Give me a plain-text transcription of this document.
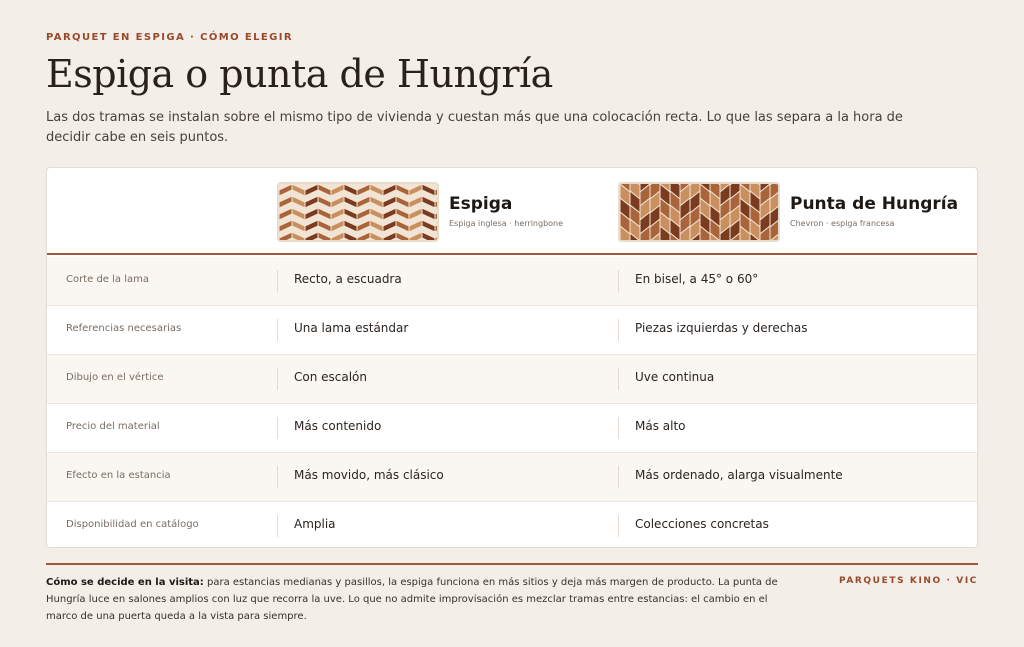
PARQUET EN ESPIGA · CÓMO ELEGIR
Espiga o punta de Hungría

Las dos tramas se instalan sobre el mismo tipo de vivienda y cuestan más que una colocación recta. Lo que las separa a la hora de decidir cabe en seis puntos.

Espiga
Espiga inglesa · herringbone
Punta de Hungría
Chevron · espiga francesa
Corte de la lama	Recto, a escuadra	En bisel, a 45° o 60°
Referencias necesarias	Una lama estándar	Piezas izquierdas y derechas
Dibujo en el vértice	Con escalón	Uve continua
Precio del material	Más contenido	Más alto
Efecto en la estancia	Más movido, más clásico	Más ordenado, alarga visualmente
Disponibilidad en catálogo	Amplia	Colecciones concretas

Cómo se decide en la visita: para estancias medianas y pasillos, la espiga funciona en más sitios y deja más margen de producto. La punta de Hungría luce en salones amplios con luz que recorra la uve. Lo que no admite improvisación es mezclar tramas entre estancias: el cambio en el marco de una puerta queda a la vista para siempre.

PARQUETS KINO · VIC
